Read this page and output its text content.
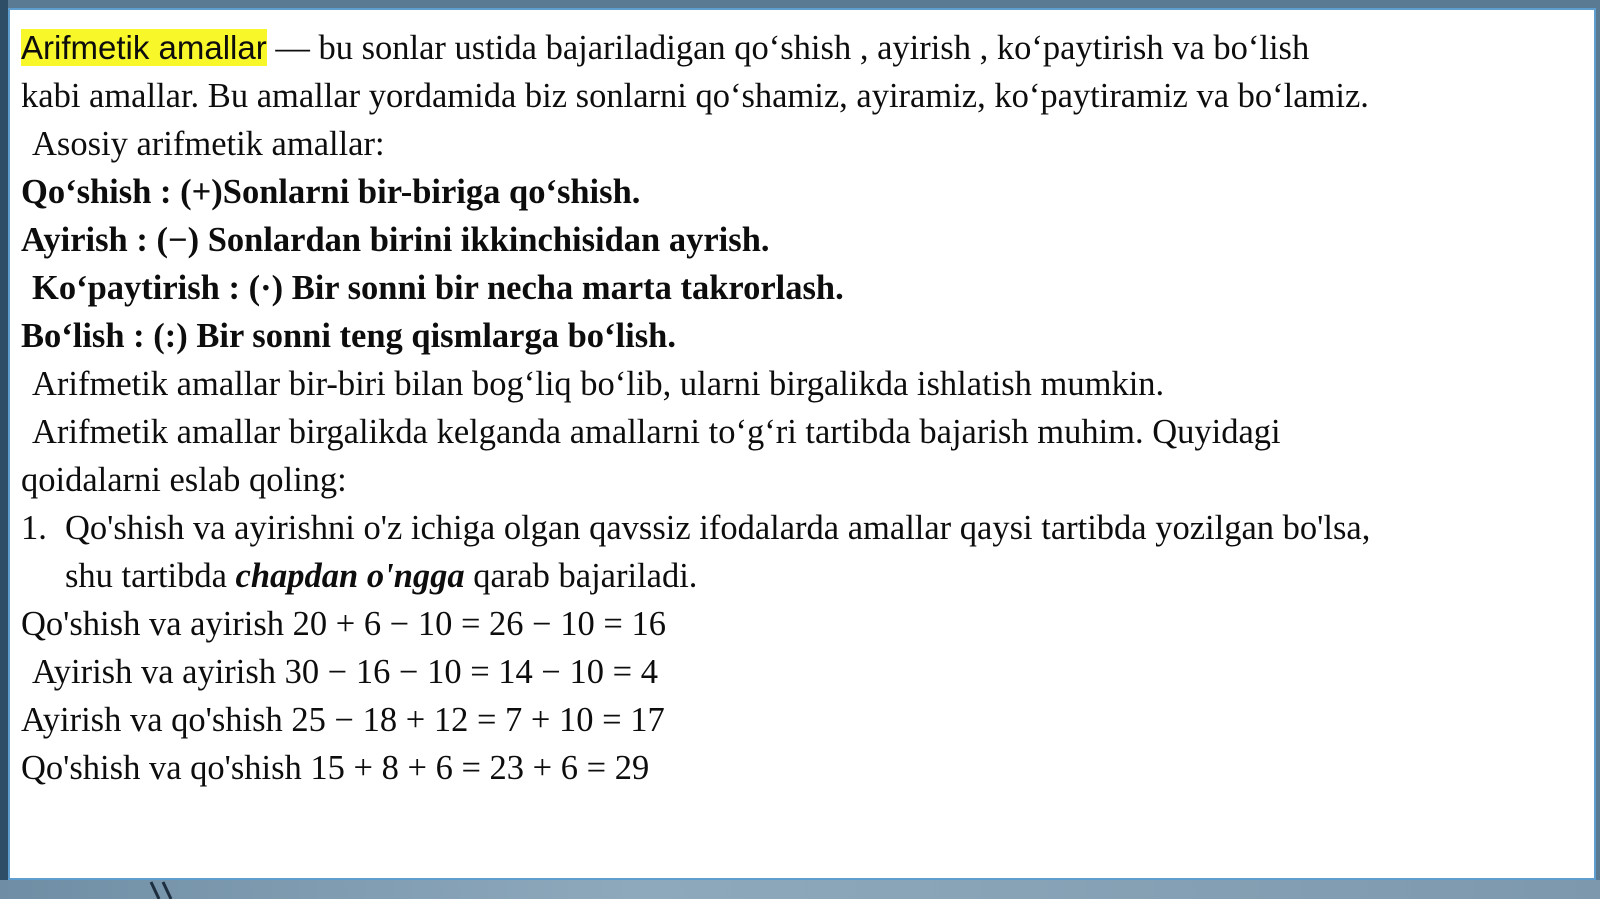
Arifmetik amallar — bu sonlar ustida bajariladigan qo‘shish , ayirish , ko‘paytirish va bo‘lish
kabi amallar. Bu amallar yordamida biz sonlarni qo‘shamiz, ayiramiz, ko‘paytiramiz va bo‘lamiz.
Asosiy arifmetik amallar:
Qo‘shish : (+)Sonlarni bir-biriga qo‘shish.
Ayirish : (−) Sonlardan birini ikkinchisidan ayrish.
Ko‘paytirish : (·) Bir sonni bir necha marta takrorlash.
Bo‘lish : (:) Bir sonni teng qismlarga bo‘lish.
Arifmetik amallar bir-biri bilan bog‘liq bo‘lib, ularni birgalikda ishlatish mumkin.
Arifmetik amallar birgalikda kelganda amallarni to‘g‘ri tartibda bajarish muhim. Quyidagi
qoidalarni eslab qoling:
1. Qo'shish va ayirishni o'z ichiga olgan qavssiz ifodalarda amallar qaysi tartibda yozilgan bo'lsa,
shu tartibda chapdan o'ngga qarab bajariladi.
Qo'shish va ayirish 20 + 6 − 10 = 26 − 10 = 16
Ayirish va ayirish 30 − 16 − 10 = 14 − 10 = 4
Ayirish va qo'shish 25 − 18 + 12 = 7 + 10 = 17
Qo'shish va qo'shish 15 + 8 + 6 = 23 + 6 = 29
